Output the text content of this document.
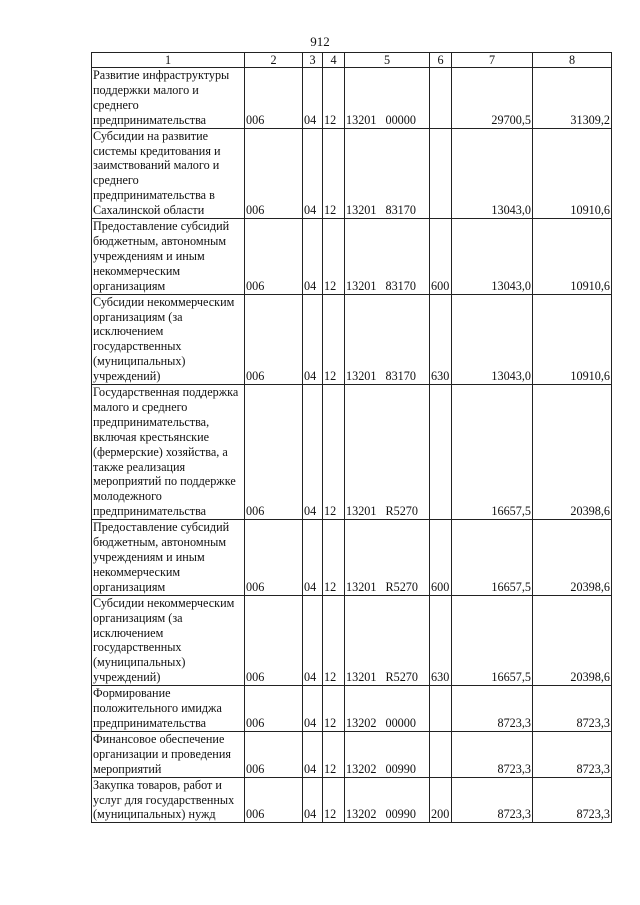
912
1	2	3	4	5	6	7	8
Развитие инфраструктуры поддержки малого и среднего предпринимательства	006	04	12	13201 00000		29700,5	31309,2
Субсидии на развитие системы кредитования и заимствований малого и среднего предпринимательства в Сахалинской области	006	04	12	13201 83170		13043,0	10910,6
Предоставление субсидий бюджетным, автономным учреждениям и иным некоммерческим организациям	006	04	12	13201 83170	600	13043,0	10910,6
Субсидии некоммерческим организациям (за исключением государственных (муниципальных) учреждений)	006	04	12	13201 83170	630	13043,0	10910,6
Государственная поддержка малого и среднего предпринимательства, включая крестьянские (фермерские) хозяйства, а также реализация мероприятий по поддержке молодежного предпринимательства	006	04	12	13201 R5270		16657,5	20398,6
Предоставление субсидий бюджетным, автономным учреждениям и иным некоммерческим организациям	006	04	12	13201 R5270	600	16657,5	20398,6
Субсидии некоммерческим организациям (за исключением государственных (муниципальных) учреждений)	006	04	12	13201 R5270	630	16657,5	20398,6
Формирование положительного имиджа предпринимательства	006	04	12	13202 00000		8723,3	8723,3
Финансовое обеспечение организации и проведения мероприятий	006	04	12	13202 00990		8723,3	8723,3
Закупка товаров, работ и услуг для государственных (муниципальных) нужд	006	04	12	13202 00990	200	8723,3	8723,3
